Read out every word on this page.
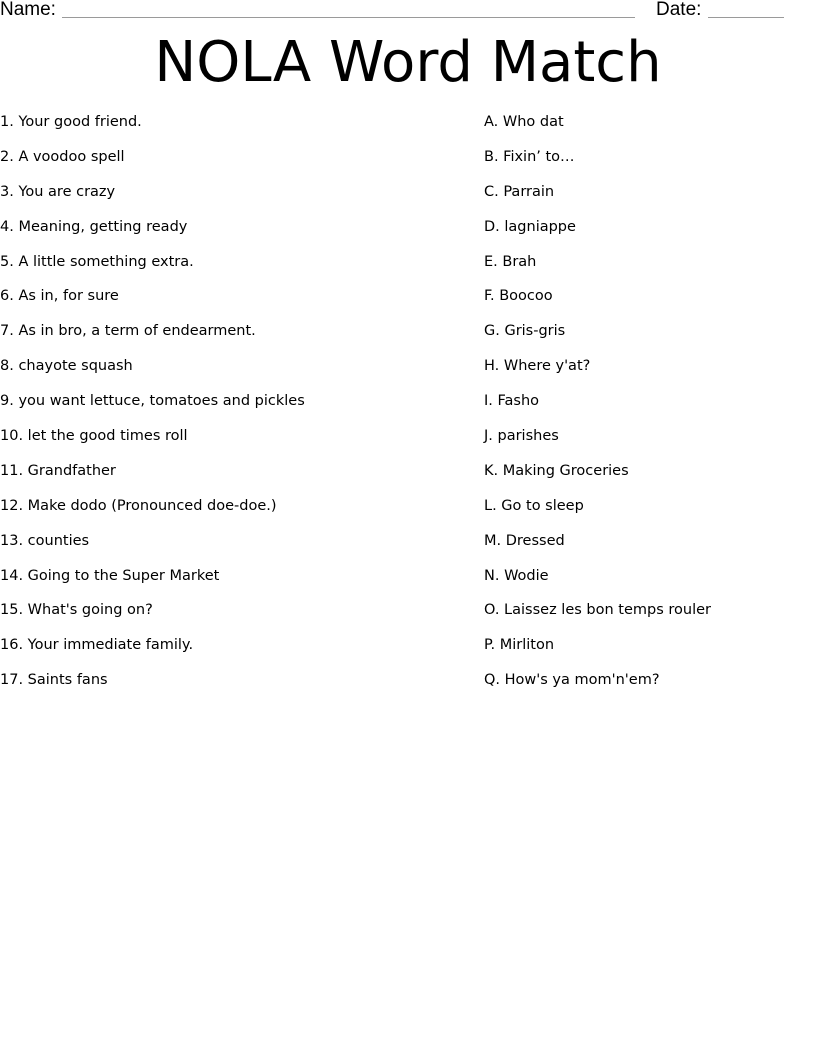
Name:	Date:
NOLA Word Match
1. Your good friend.
2. A voodoo spell
3. You are crazy
4. Meaning, getting ready
5. A little something extra.
6. As in, for sure
7. As in bro, a term of endearment.
8. chayote squash
9. you want lettuce, tomatoes and pickles
10. let the good times roll
11. Grandfather
12. Make dodo (Pronounced doe-doe.)
13. counties
14. Going to the Super Market
15. What's going on?
16. Your immediate family.
17. Saints fans
A. Who dat
B. Fixin’ to…
C. Parrain
D. lagniappe
E. Brah
F. Boocoo
G. Gris-gris
H. Where y'at?
I. Fasho
J. parishes
K. Making Groceries
L. Go to sleep
M. Dressed
N. Wodie
O. Laissez les bon temps rouler
P. Mirliton
Q. How's ya mom'n'em?
